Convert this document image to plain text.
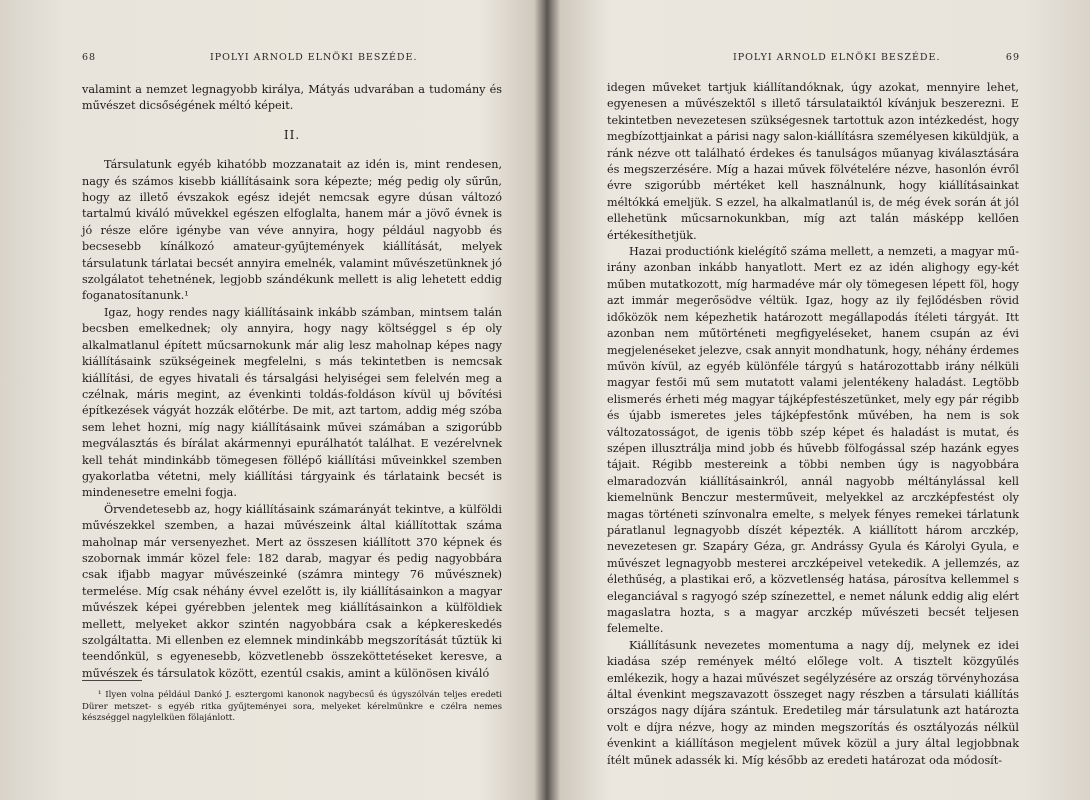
68	IPOLYI ARNOLD ELNÖKI BESZÉDE.

valamint a nemzet legnagyobb királya, Mátyás udvarában a tudomány és művészet dicsőségének méltó képeit.

II.

Társulatunk egyéb kihatóbb mozzanatait az idén is, mint rendesen, nagy és számos kisebb kiállításaink sora képezte; még pedig oly sűrűn, hogy az illető évszakok egész idejét nemcsak egyre dúsan változó tartalmú kiváló művekkel egészen elfoglalta, hanem már a jövő évnek is jó része előre igénybe van véve annyira, hogy például nagyobb és becsesebb kínálkozó amateur-gyűjtemények kiállítását, melyek társulatunk tárlatai becsét annyira emelnék, valamint művészetünknek jó szolgálatot tehetnének, legjobb szándékunk mellett is alig lehetett eddig foganatosítanunk.¹

Igaz, hogy rendes nagy kiállításaink inkább számban, mintsem talán becsben emelkednek; oly annyira, hogy nagy költséggel s ép oly alkalmatlanul épített műcsarnokunk már alig lesz maholnap képes nagy kiállításaink szükségeinek megfelelni, s más tekintetben is nemcsak kiállítási, de egyes hivatali és társalgási helyiségei sem felelvén meg a czélnak, máris megint, az évenkinti toldás-foldáson kívül uj bővítési építkezések vágyát hozzák előtérbe. De mit, azt tartom, addig még szóba sem lehet hozni, míg nagy kiállításaink művei számában a szigorúbb megválasztás és bírálat akármennyi epurálhatót találhat. E vezérelvnek kell tehát mindinkább tömegesen föllépő kiállítási műveinkkel szemben gyakorlatba vétetni, mely kiállítási tárgyaink és tárlataink becsét is mindenesetre emelni fogja.

Örvendetesebb az, hogy kiállításaink számarányát tekintve, a külföldi művészekkel szemben, a hazai művészeink által kiállítottak száma maholnap már versenyezhet. Mert az összesen kiállított 370 képnek és szobornak immár közel fele: 182 darab, magyar és pedig nagyobbára csak ifjabb magyar művészeinké (számra mintegy 76 művésznek) termelése. Míg csak néhány évvel ezelőtt is, ily kiállításainkon a magyar művészek képei gyérebben jelentek meg kiállításainkon a külföldiek mellett, melyeket akkor szintén nagyobbára csak a képkereskedés szolgáltatta. Mi ellenben ez elemnek mindinkább megszorítását tűztük ki teendőnkül, s egyenesebb, közvetlenebb összeköttetéseket keresve, a művészek és társulatok között, ezentúl csakis, amint a különösen kiváló

¹ Ilyen volna például Dankó J. esztergomi kanonok nagybecsű és úgyszólván teljes eredeti Dürer metszet- s egyéb ritka gyűjteményei sora, melyeket kérelmünkre e czélra nemes készséggel nagylelküen fölajánlott.

IPOLYI ARNOLD ELNÖKI BESZÉDE.	69

idegen műveket tartjuk kiállítandóknak, úgy azokat, mennyire lehet, egyenesen a művészektől s illető társulataiktól kívánjuk beszerezni. E tekintetben nevezetesen szükségesnek tartottuk azon intézkedést, hogy megbízottjainkat a párisi nagy salon-kiállításra személyesen kiküldjük, a ránk nézve ott található érdekes és tanulságos műanyag kiválasztására és megszerzésére. Míg a hazai művek fölvételére nézve, hasonlón évről évre szigorúbb mértéket kell használnunk, hogy kiállításainkat méltókká emeljük. S ezzel, ha alkalmatlanúl is, de még évek során át jól ellehetünk műcsarnokunkban, míg azt talán másképp kellően értékesíthetjük.

Hazai productiónk kielégítő száma mellett, a nemzeti, a magyar mű-irány azonban inkább hanyatlott. Mert ez az idén alighogy egy-két műben mutatkozott, míg harmadéve már oly tömegesen lépett föl, hogy azt immár megerősödve véltük. Igaz, hogy az ily fejlődésben rövid időközök nem képezhetik határozott megállapodás ítéleti tárgyát. Itt azonban nem műtörténeti megfigyeléseket, hanem csupán az évi megjelenéseket jelezve, csak annyit mondhatunk, hogy, néhány érdemes művön kívül, az egyéb különféle tárgyú s határozottabb irány nélküli magyar festői mű sem mutatott valami jelentékeny haladást. Legtöbb elismerés érheti még magyar tájképfestészetünket, mely egy pár régibb és újabb ismeretes jeles tájképfestőnk művében, ha nem is sok változatosságot, de igenis több szép képet és haladást is mutat, és szépen illusztrálja mind jobb és hűvebb fölfogással szép hazánk egyes tájait. Régibb mestereink a többi nemben úgy is nagyobbára elmaradozván kiállításainkról, annál nagyobb méltánylással kell kiemelnünk Benczur mesterműveit, melyekkel az arczképfestést oly magas történeti színvonalra emelte, s melyek fényes remekei tárlatunk páratlanul legnagyobb díszét képezték. A kiállított három arczkép, nevezetesen gr. Szapáry Géza, gr. Andrássy Gyula és Károlyi Gyula, e művészet legnagyobb mesterei arczképeivel vetekedik. A jellemzés, az élethűség, a plastikai erő, a közvetlenség hatása, párosítva kellemmel s eleganciával s ragyogó szép színezettel, e nemet nálunk eddig alig elért magaslatra hozta, s a magyar arczkép művészeti becsét teljesen felemelte.

Kiállításunk nevezetes momentuma a nagy díj, melynek ez idei kiadása szép remények méltó előlege volt. A tisztelt közgyűlés emlékezik, hogy a hazai művészet segélyzésére az ország törvényhozása által évenkint megszavazott összeget nagy részben a társulati kiállítás országos nagy díjára szántuk. Eredetileg már társulatunk azt határozta volt e díjra nézve, hogy az minden megszorítás és osztályozás nélkül évenkint a kiállításon megjelent művek közül a jury által legjobbnak ítélt műnek adassék ki. Míg később az eredeti határozat oda módosít-
